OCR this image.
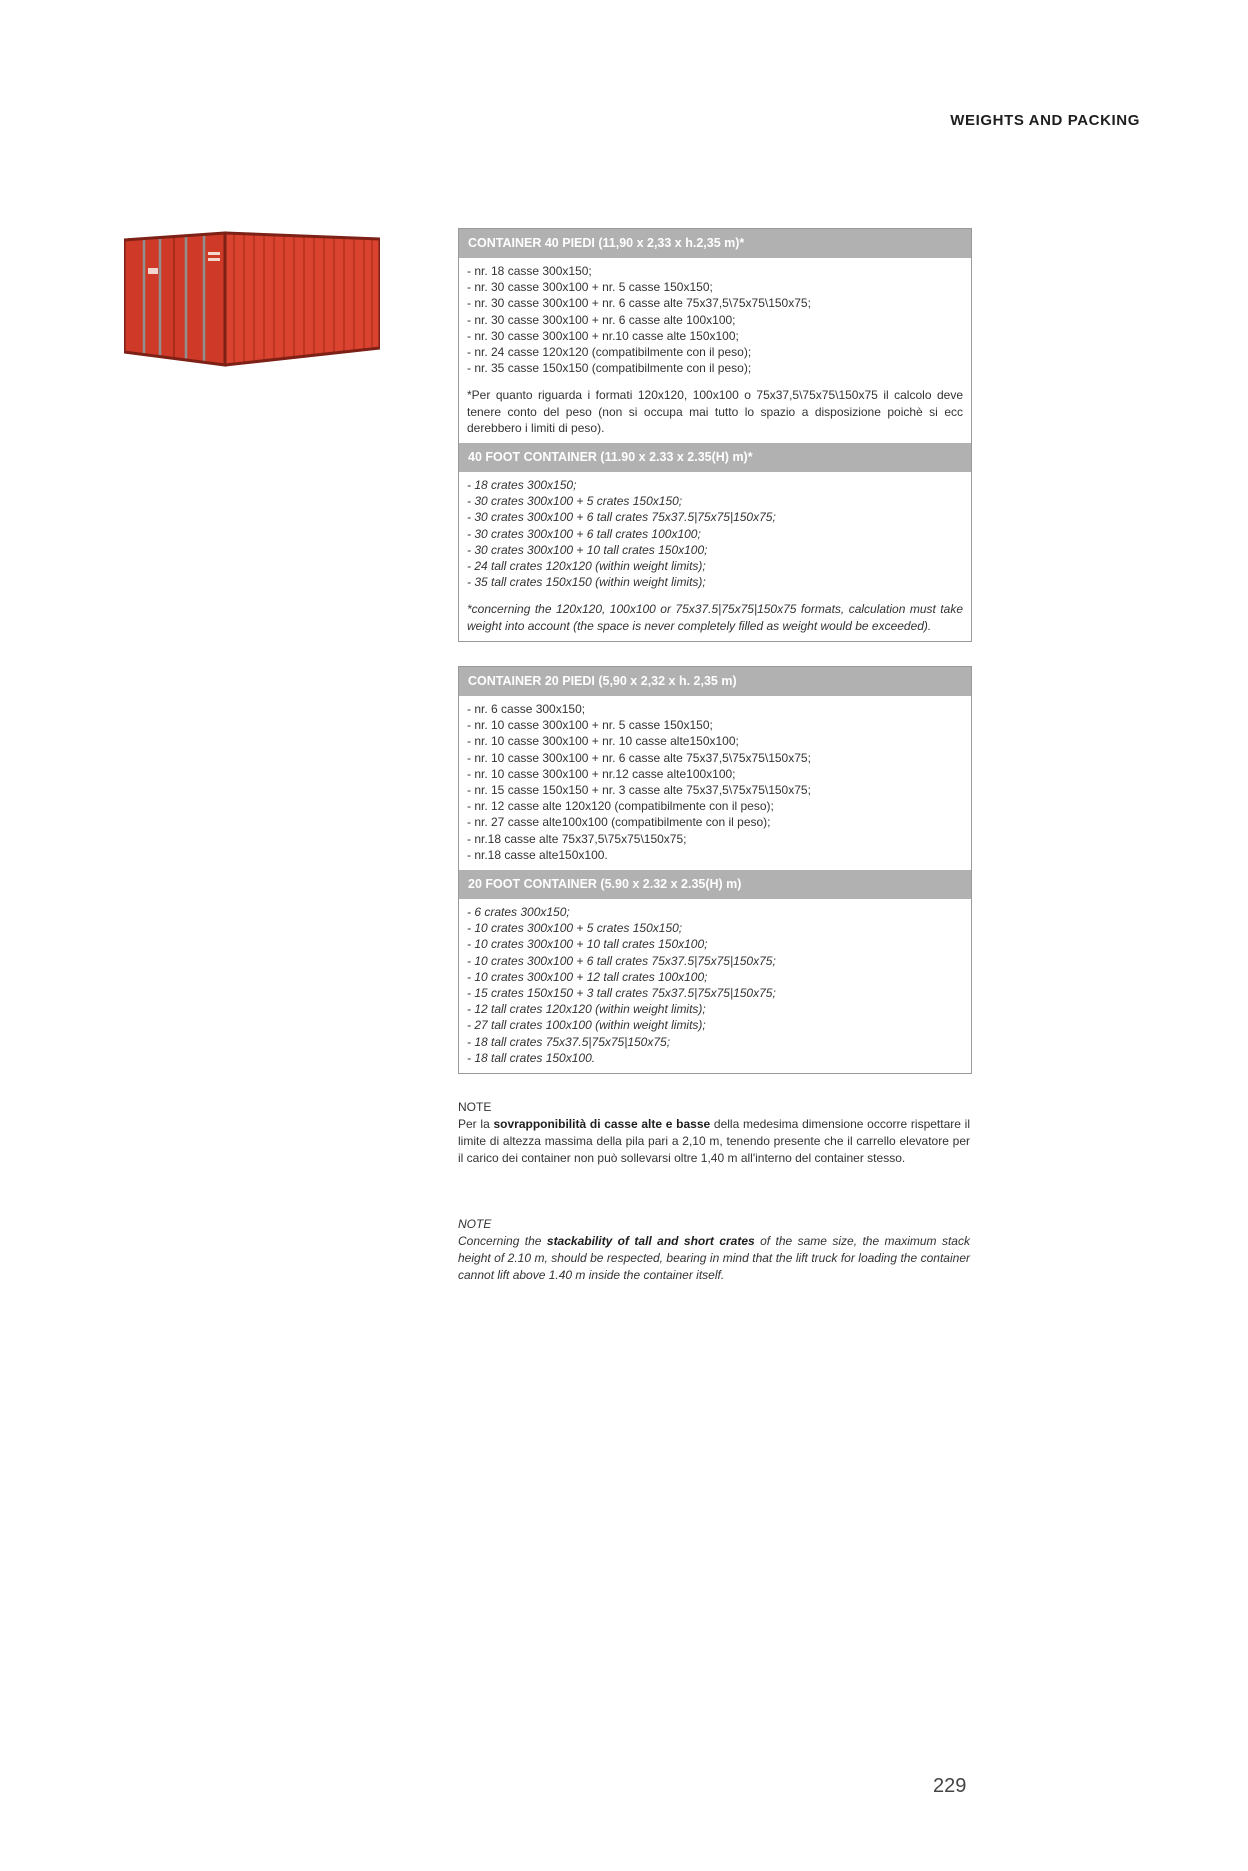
WEIGHTS AND PACKING
CONTAINER 40 PIEDI (11,90 x 2,33 x h.2,35 m)*
- nr. 18 casse 300x150;
- nr. 30 casse 300x100 + nr. 5 casse 150x150;
- nr. 30 casse 300x100 + nr. 6 casse alte 75x37,5\75x75\150x75;
- nr. 30 casse 300x100 + nr. 6 casse alte 100x100;
- nr. 30 casse 300x100 + nr.10 casse alte 150x100;
- nr. 24 casse 120x120 (compatibilmente con il peso);
- nr. 35 casse 150x150 (compatibilmente con il peso);
*Per quanto riguarda i formati 120x120, 100x100 o 75x37,5\75x75\150x75 il calcolo deve tenere conto del peso (non si occupa mai tutto lo spazio a disposizione poichè si ecc derebbero i limiti di peso).
40 FOOT CONTAINER (11.90 x 2.33 x 2.35(H) m)*
- 18 crates 300x150;
- 30 crates 300x100 + 5 crates 150x150;
- 30 crates 300x100 + 6 tall crates 75x37.5|75x75|150x75;
- 30 crates 300x100 + 6 tall crates 100x100;
- 30 crates 300x100 + 10 tall crates 150x100;
- 24 tall crates 120x120 (within weight limits);
- 35 tall crates 150x150 (within weight limits);
*concerning the 120x120, 100x100 or 75x37.5|75x75|150x75 formats, calculation must take weight into account (the space is never completely filled as weight would be exceeded).
CONTAINER 20 PIEDI (5,90 x 2,32 x h. 2,35 m)
- nr. 6 casse 300x150;
- nr. 10 casse 300x100 + nr. 5 casse 150x150;
- nr. 10 casse 300x100 + nr. 10 casse alte150x100;
- nr. 10 casse 300x100 + nr. 6 casse alte 75x37,5\75x75\150x75;
- nr. 10 casse 300x100 + nr.12 casse alte100x100;
- nr. 15 casse 150x150 + nr. 3 casse alte 75x37,5\75x75\150x75;
- nr. 12 casse alte 120x120 (compatibilmente con il peso);
- nr. 27 casse alte100x100 (compatibilmente con il peso);
- nr.18 casse alte 75x37,5\75x75\150x75;
- nr.18 casse alte150x100.
20 FOOT CONTAINER (5.90 x 2.32 x 2.35(H) m)
- 6 crates 300x150;
- 10 crates 300x100 + 5 crates 150x150;
- 10 crates 300x100 + 10 tall crates 150x100;
- 10 crates 300x100 + 6 tall crates 75x37.5|75x75|150x75;
- 10 crates 300x100 + 12 tall crates 100x100;
- 15 crates 150x150 + 3 tall crates 75x37.5|75x75|150x75;
- 12 tall crates 120x120 (within weight limits);
- 27 tall crates 100x100 (within weight limits);
- 18 tall crates 75x37.5|75x75|150x75;
- 18 tall crates 150x100.
NOTE
Per la sovrapponibilità di casse alte e basse della medesima dimensione occorre rispettare il limite di altezza massima della pila pari a 2,10 m, tenendo presente che il carrello elevatore per il carico dei container non può sollevarsi oltre 1,40 m all'interno del container stesso.
NOTE
Concerning the stackability of tall and short crates of the same size, the maximum stack height of 2.10 m, should be respected, bearing in mind that the lift truck for loading the container cannot lift above 1.40 m inside the container itself.
229
